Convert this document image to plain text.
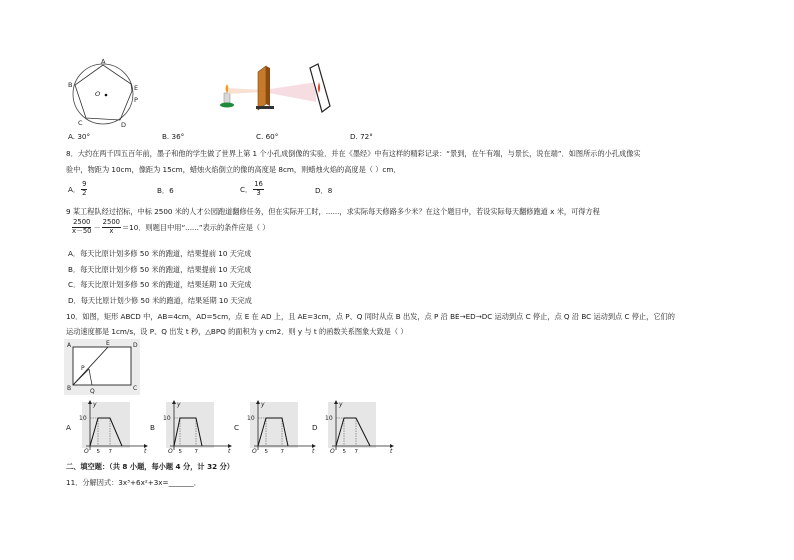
A
B
C	D
E
P
O
A. 30°	B. 36°	C. 60°	D. 72°
8．大约在两千四五百年前，墨子和他的学生做了世界上第 1 个小孔成倒像的实验．并在《墨经》中有这样的精彩记录：“景到，在午有端，与景长，说在端”．如图所示的小孔成像实
验中，物距为 10cm，像距为 15cm，蜡烛火焰倒立的像的高度是 8cm，则蜡烛火焰的高度是（ ）cm．
A． $\frac{9}{2}$	B．6	C． $\frac{16}{3}$	D．8
9 某工程队经过招标，中标 2500 米的人才公园跑道翻修任务，但在实际开工时，......，求实际每天修路多少米？在这个题目中，若设实际每天翻修跑道 x 米，可得方程
$\frac{2500}{x-50} - \frac{2500}{x} =10$．则题目中用“......”表示的条件应是（ ）
A．每天比原计划多修 50 米的跑道，结果提前 10 天完成
B．每天比原计划少修 50 米的跑道，结果提前 10 天完成
C．每天比原计划多修 50 米的跑道，结果延期 10 天完成
D．每天比原计划少修 50 米的跑道，结果延期 10 天完成
10．如图，矩形 ABCD 中，AB=4cm，AD=5cm，点 E 在 AD 上，且 AE=3cm，点 P、Q 同时从点 B 出发，点 P 沿 BE→ED→DC 运动到点 C 停止，点 Q 沿 BC 运动到点 C 停止，它们的
运动速度都是 1cm/s，设 P、Q 出发 t 秒，△BPQ 的面积为 y cm2．则 y 与 t 的函数关系图象大致是（ ）
A	E	D
P
B	Q	C
A
y
t
O
10
5 7
B
y
t
O
10
5 7
C
y
t
O
10
5 7
D
y
t
O
10
5 7
二、填空题：（共 8 小题，每小题 4 分，计 32 分）
11．分解因式：3x³+6x²+3x=_______．
